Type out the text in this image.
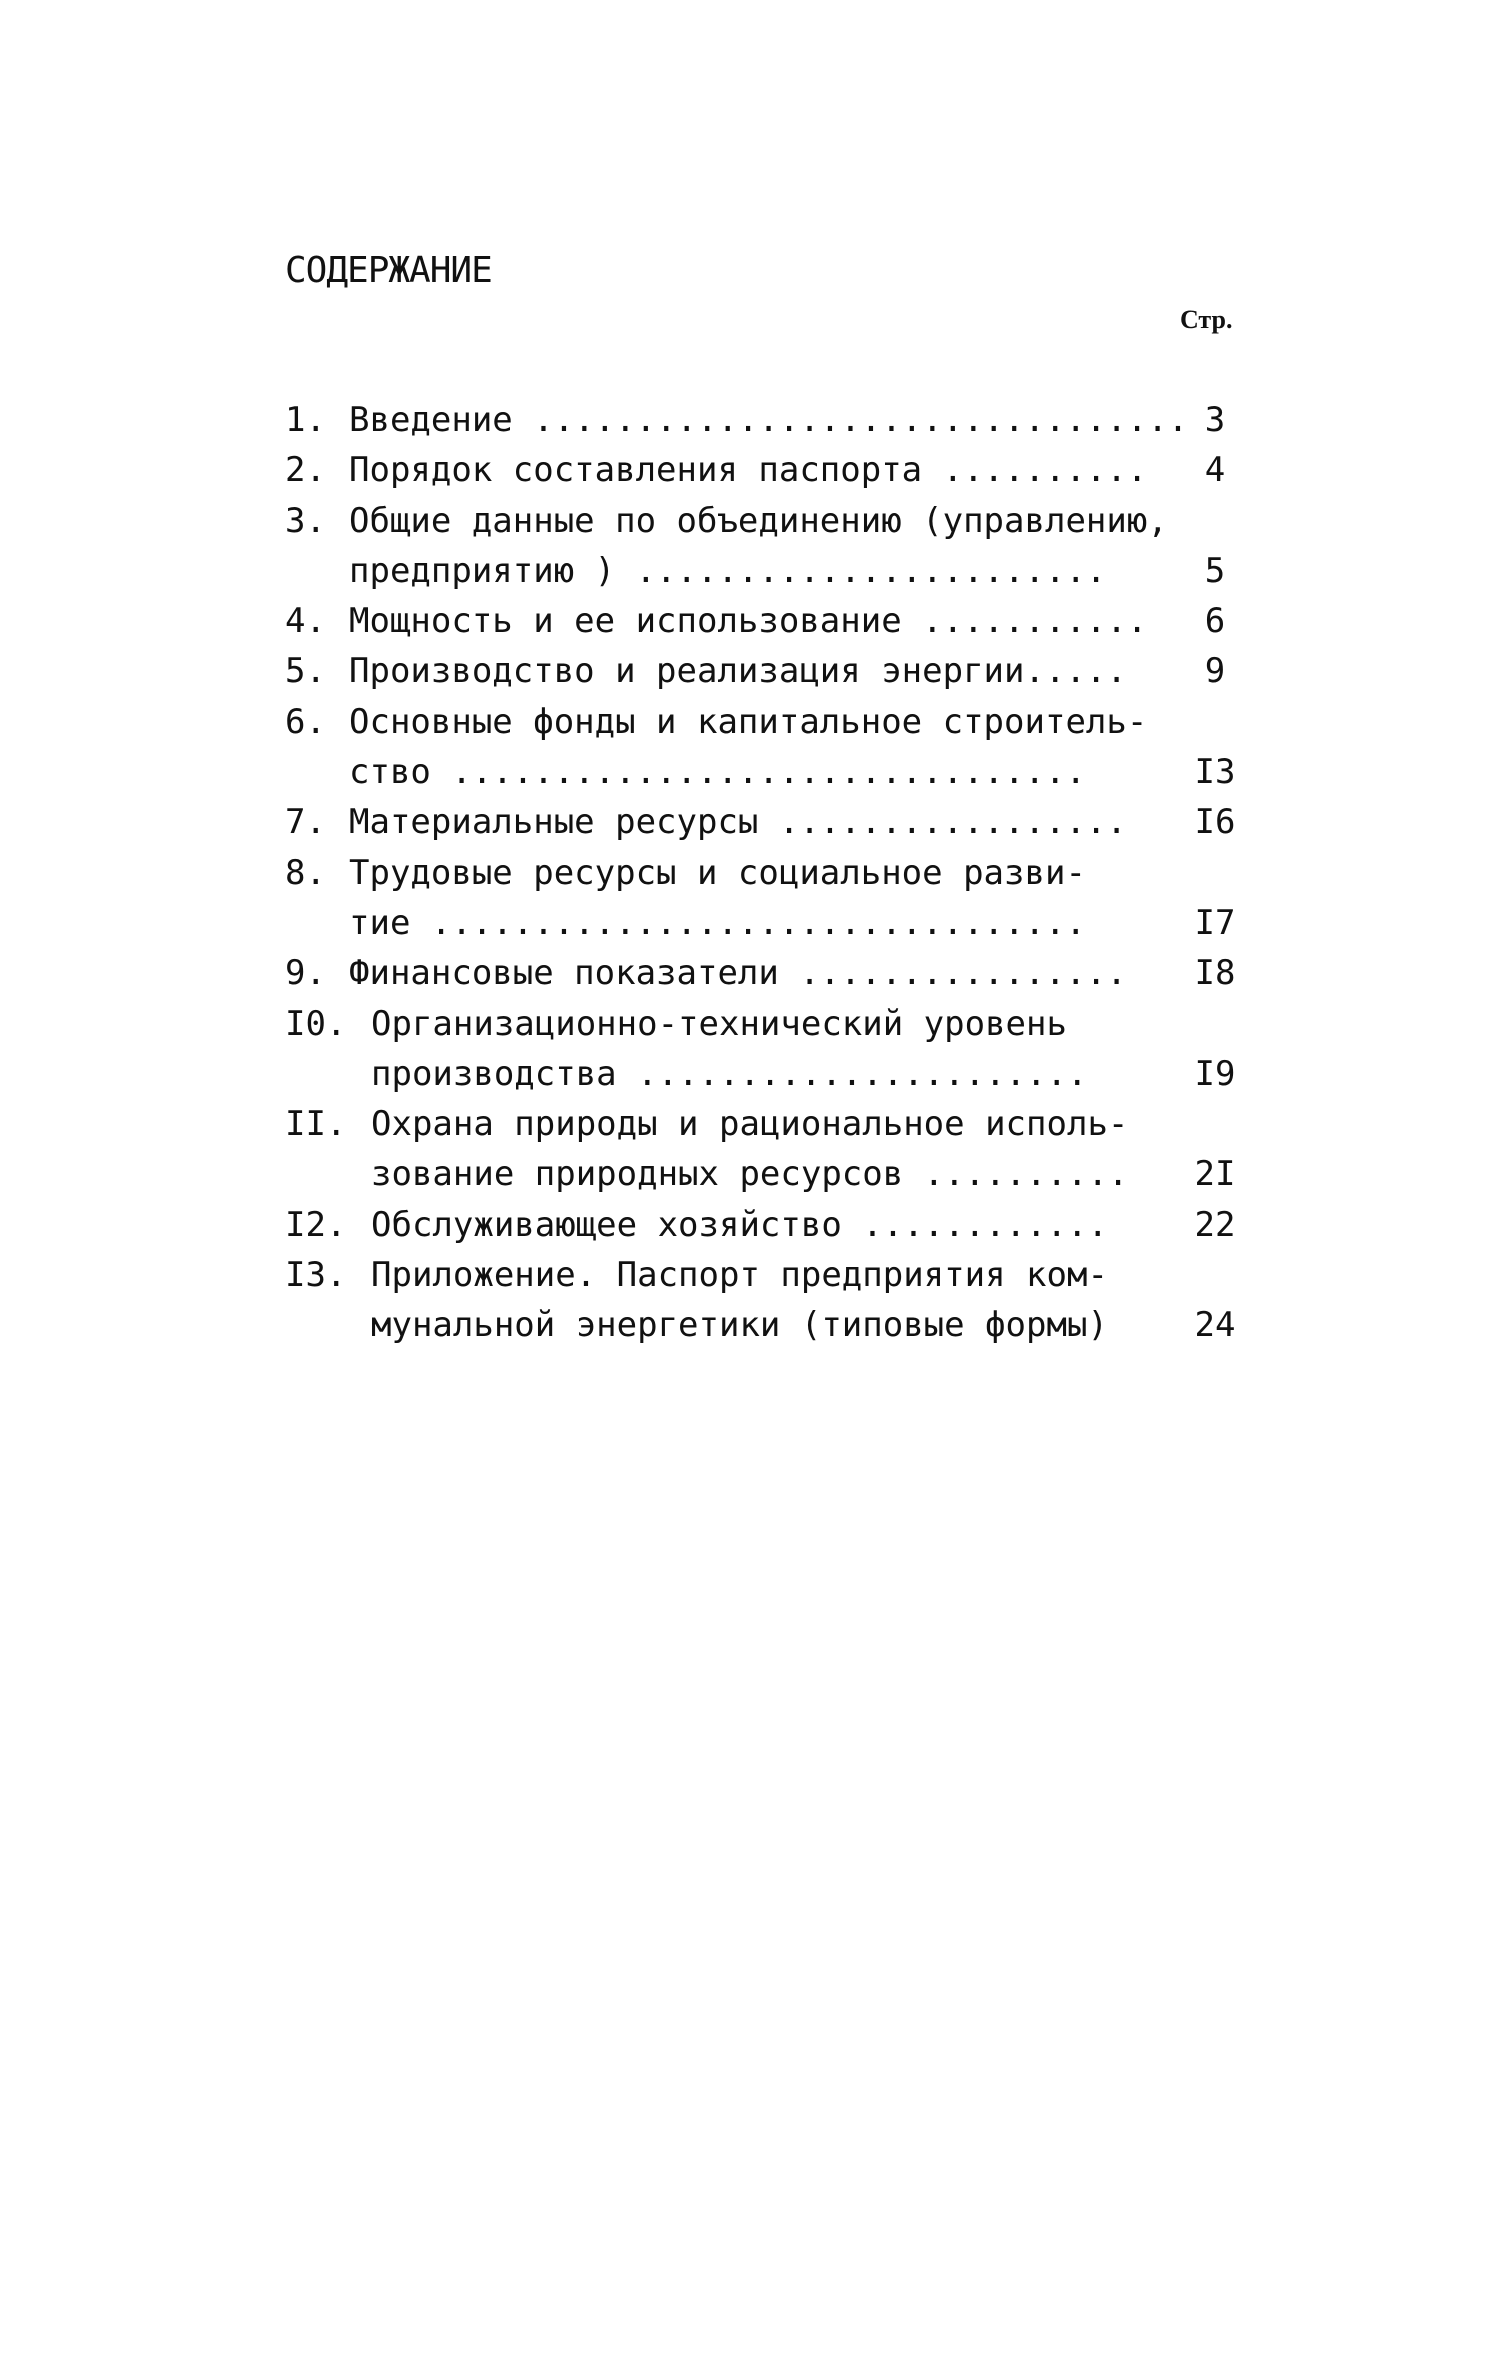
СОДЕРЖАНИЕ
Стр.
1. Введение ................................ 3
2. Порядок составления паспорта ..........	4
3. Общие данные по объединению (управлению,
предприятию ) .......................	5
4. Мощность и ее использование ...........	6
5. Производство и реализация энергии.....	9
6. Основные фонды и капитальное строитель-
ство ...............................	I3
7. Материальные ресурсы ................. I6
8. Трудовые ресурсы и социальное разви-
тие ................................	I7
9. Финансовые показатели ................ I8
I0. Организационно-технический уровень
производства ......................	I9
II. Охрана природы и рациональное исполь-
зование природных ресурсов .......... 2I
I2. Обслуживающее хозяйство ............	22
I3. Приложение. Паспорт предприятия ком-
мунальной энергетики (типовые формы)	24
